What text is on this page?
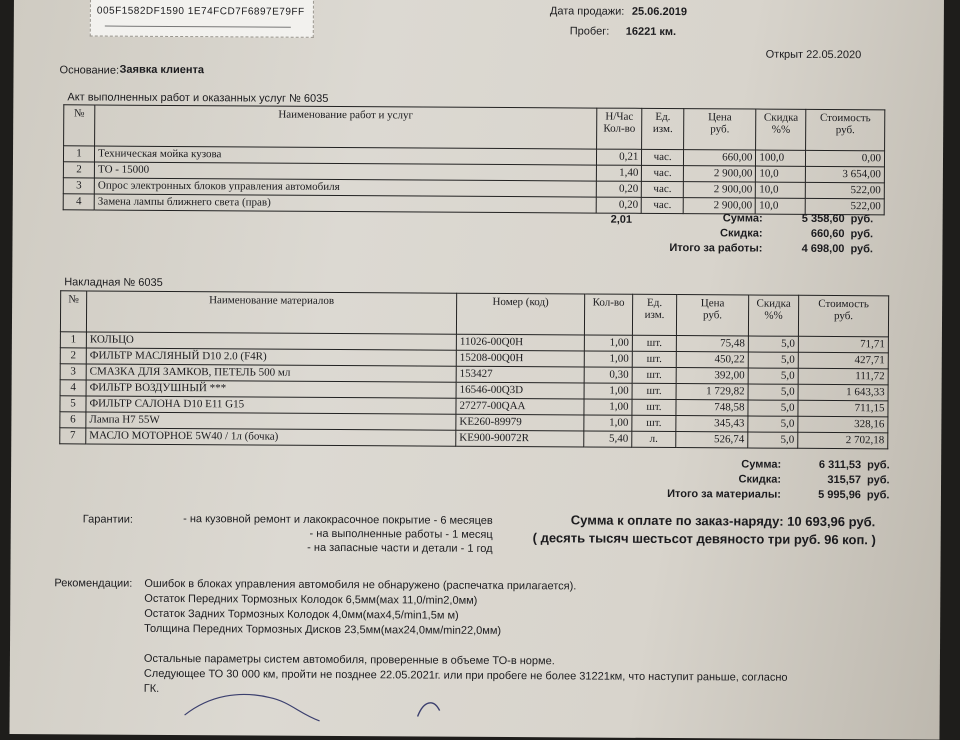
005F1582DF1590 1E74FCD7F6897E79FF	Дата продажи: 25.06.2019
Пробег: 16221 км.
Открыт 22.05.2020
Основание: Заявка клиента
Акт выполненных работ и оказанных услуг № 6035
№	Наименование работ и услуг	Н/Час
Кол-во	Ед.
изм.	Цена
руб.	Скидка
%%	Стоимость
руб.
1	Техническая мойка кузова	0,21	час.	660,00	100,0	0,00
2	ТО - 15000	1,40	час.	2 900,00	10,0	3 654,00
3	Опрос электронных блоков управления автомобиля	0,20	час.	2 900,00	10,0	522,00
4	Замена лампы ближнего света (прав)	0,20	час.	2 900,00	10,0	522,00
2,01	Сумма:	5 358,60 руб.
Скидка:	660,60 руб.
Итого за работы:	4 698,00 руб.
Накладная № 6035
№	Наименование материалов	Номер (код)	Кол-во	Ед.
изм.	Цена
руб.	Скидка
%%	Стоимость
руб.
1	КОЛЬЦО	11026-00Q0H	1,00	шт.	75,48	5,0	71,71
2	ФИЛЬТР МАСЛЯНЫЙ D10 2.0 (F4R)	15208-00Q0H	1,00	шт.	450,22	5,0	427,71
3	СМАЗКА ДЛЯ ЗАМКОВ, ПЕТЕЛЬ 500 мл	153427	0,30	шт.	392,00	5,0	111,72
4	ФИЛЬТР ВОЗДУШНЫЙ ***	16546-00Q3D	1,00	шт.	1 729,82	5,0	1 643,33
5	ФИЛЬТР САЛОНА D10 E11 G15	27277-00QAA	1,00	шт.	748,58	5,0	711,15
6	Лампа H7 55W	KE260-89979	1,00	шт.	345,43	5,0	328,16
7	МАСЛО МОТОРНОЕ 5W40 / 1л (бочка)	KE900-90072R	5,40	л.	526,74	5,0	2 702,18
Сумма:	6 311,53 руб.
Скидка:	315,57 руб.
Итого за материалы:	5 995,96 руб.
Гарантии:	- на кузовной ремонт и лакокрасочное покрытие - 6 месяцев
- на выполненные работы - 1 месяц
- на запасные части и детали - 1 год
Сумма к оплате по заказ-наряду: 10 693,96 руб.
( десять тысяч шестьсот девяносто три руб. 96 коп. )
Рекомендации: Ошибок в блоках управления автомобиля не обнаружено (распечатка прилагается).
Остаток Передних Тормозных Колодок 6,5мм(мах 11,0/min2,0мм)
Остаток Задних Тормозных Колодок 4,0мм(мах4,5/min1,5м м)
Толщина Передних Тормозных Дисков 23,5мм(мах24,0мм/min22,0мм)
Остальные параметры систем автомобиля, проверенные в объеме ТО-в норме.
Следующее ТО 30 000 км, пройти не позднее 22.05.2021г. или при пробеге не более 31221км, что наступит раньше, согласно
ГК.
